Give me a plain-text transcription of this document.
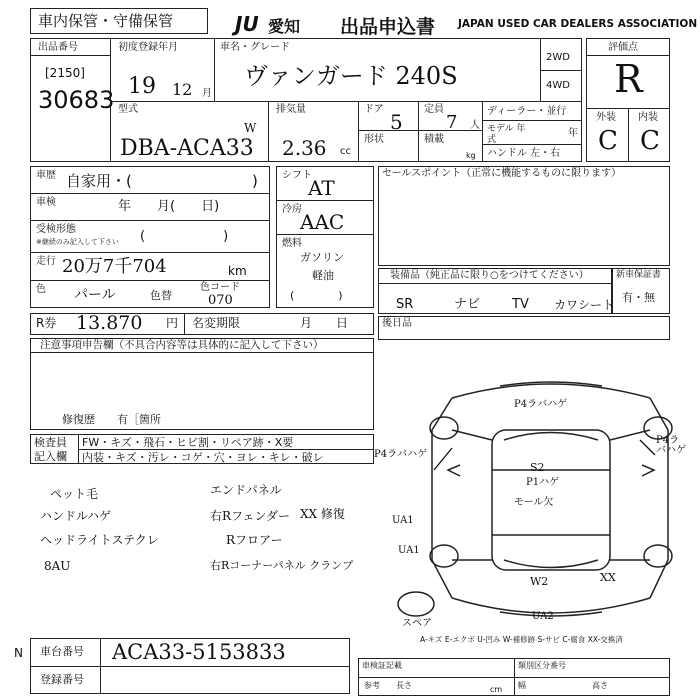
車内保管・守備保管	JU 愛知 出品申込書 JAPAN USED CAR DEALERS ASSOCIATION
出品番号
[2150]
30683
初度登録年月
19 12 月
車名・グレード
ヴァンガード 240S
2WD
4WD
型式
DBA-ACA33
W
排気量
2.36 cc
ドア
5
定員
7 人
形状	積載
kg
ディーラー・並行
モデル 年式
年
ハンドル 左・右
評価点
R
外装 内装
C C
車歴 自家用・(	)
車検	年　　月(　　日)
受検形態
※継続のみ記入して下さい (　　　　　　)
走行 20万7千704	km
色 パール	色替
色コード
070
シフト
AT
冷房
AAC
燃料
ガソリン
軽油
(　　　　)
セールスポイント（正常に機能するものに限ります）
装備品（純正品に限り○をつけてください）
SR	ナビ TV カワシート
新車保証書
有・無
R券 13.870 円 名変期限	月　　日	後日品
注意事項申告欄（不具合内容等は具体的に記入して下さい）
修復歴　　有［箇所
検査員
記入欄
FW・キズ・飛石・ヒビ割・リペア跡・X要
内装・キズ・汚レ・コゲ・穴・ヨレ・キレ・破レ
ペット毛
ハンドルハゲ
ヘッドライトステクレ
8AU
エンドパネル
右Rフェンダー
Rフロアー
右Rコーナーパネル クランプ
XX 修復
P4ラバハゲ
P4ラバハゲ
P4ラバハゲ
S2
P1ハゲ
モール欠
UA1
UA1
W2	XX
UA2
スペア
A-キズ E-エクボ U-凹み W-補修跡 S-サビ C-腐食 XX-交換済
N 車台番号 ACA33-5153833
登録番号
車検証記載	類別区分番号
参考 長さ	cm 幅	高さ
